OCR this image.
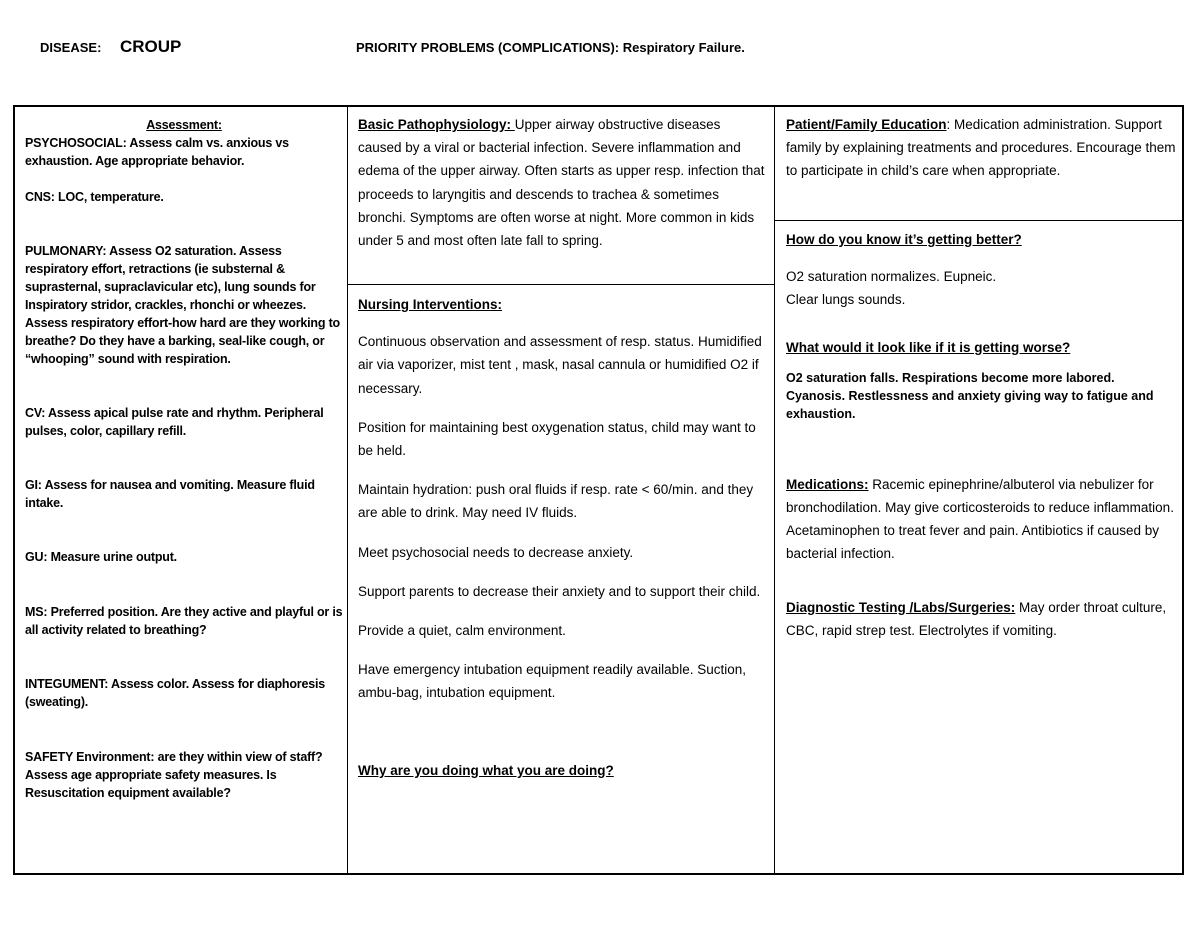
DISEASE: CROUP	PRIORITY PROBLEMS (COMPLICATIONS): Respiratory Failure.
Assessment:

PSYCHOSOCIAL: Assess calm vs. anxious vs exhaustion. Age appropriate behavior.

CNS: LOC, temperature.

PULMONARY: Assess O2 saturation. Assess respiratory effort, retractions (ie substernal & suprasternal, supraclavicular etc), lung sounds for Inspiratory stridor, crackles, rhonchi or wheezes. Assess respiratory effort-how hard are they working to breathe? Do they have a barking, seal-like cough, or “whooping” sound with respiration.

CV: Assess apical pulse rate and rhythm. Peripheral pulses, color, capillary refill.

GI: Assess for nausea and vomiting. Measure fluid intake.

GU: Measure urine output.

MS: Preferred position. Are they active and playful or is all activity related to breathing?

INTEGUMENT: Assess color. Assess for diaphoresis (sweating).

SAFETY Environment: are they within view of staff? Assess age appropriate safety measures. Is Resuscitation equipment available?

Basic Pathophysiology: Upper airway obstructive diseases caused by a viral or bacterial infection. Severe inflammation and edema of the upper airway. Often starts as upper resp. infection that proceeds to laryngitis and descends to trachea & sometimes bronchi. Symptoms are often worse at night. More common in kids under 5 and most often late fall to spring.

Nursing Interventions:

Continuous observation and assessment of resp. status. Humidified air via vaporizer, mist tent , mask, nasal cannula or humidified O2 if necessary.

Position for maintaining best oxygenation status, child may want to be held.

Maintain hydration: push oral fluids if resp. rate < 60/min. and they are able to drink. May need IV fluids.

Meet psychosocial needs to decrease anxiety.

Support parents to decrease their anxiety and to support their child.

Provide a quiet, calm environment.

Have emergency intubation equipment readily available. Suction, ambu-bag, intubation equipment.

Why are you doing what you are doing?

Patient/Family Education: Medication administration. Support family by explaining treatments and procedures. Encourage them to participate in child’s care when appropriate.

How do you know it’s getting better?

O2 saturation normalizes. Eupneic.

Clear lungs sounds.

What would it look like if it is getting worse?

O2 saturation falls. Respirations become more labored. Cyanosis. Restlessness and anxiety giving way to fatigue and exhaustion.

Medications: Racemic epinephrine/albuterol via nebulizer for bronchodilation. May give corticosteroids to reduce inflammation. Acetaminophen to treat fever and pain. Antibiotics if caused by bacterial infection.

Diagnostic Testing /Labs/Surgeries: May order throat culture, CBC, rapid strep test. Electrolytes if vomiting.
